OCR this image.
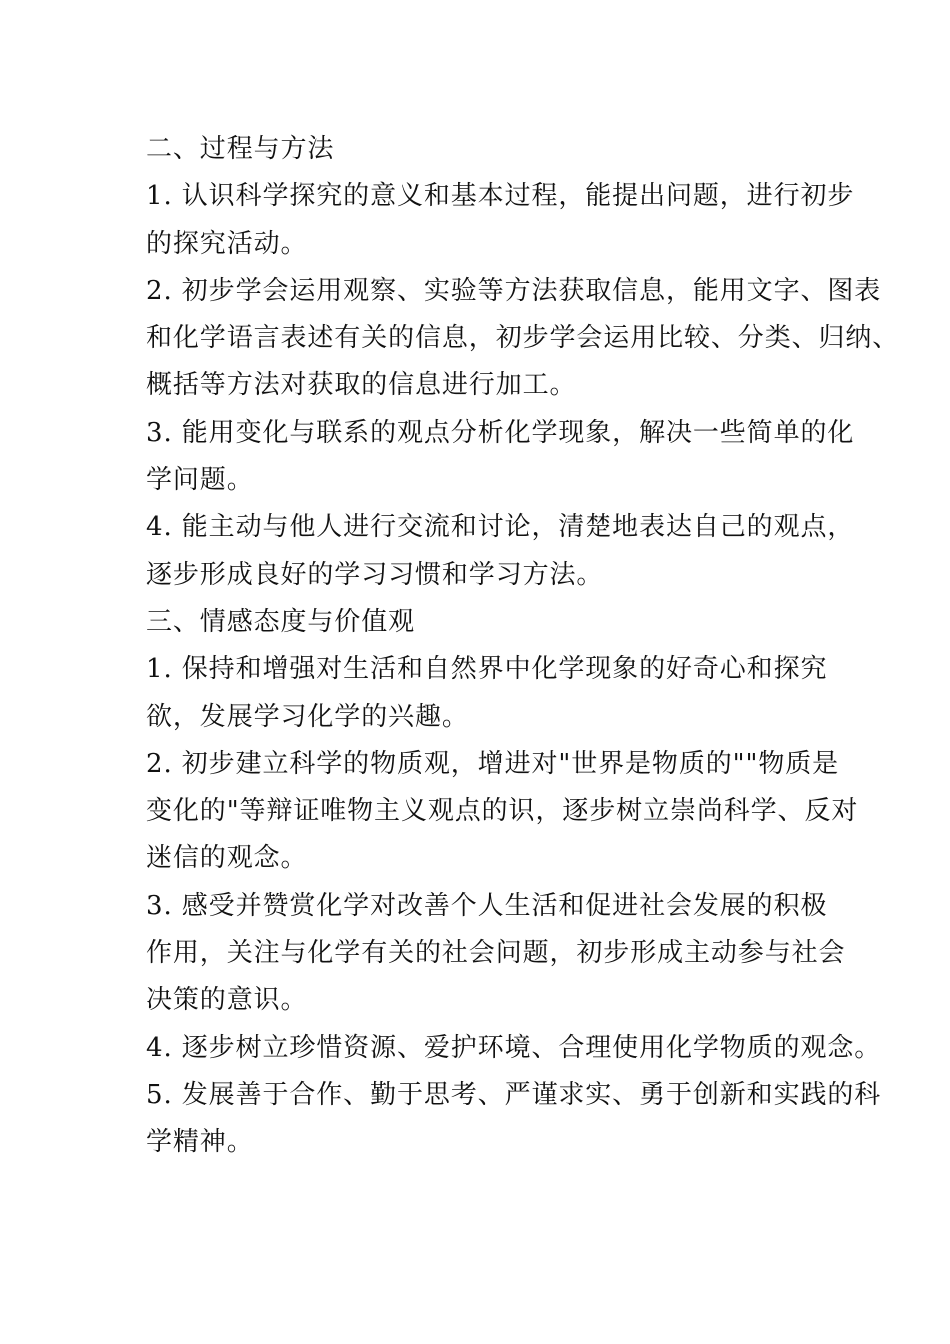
二、过程与方法
1. 认识科学探究的意义和基本过程，能提出问题，进行初步
的探究活动。
2. 初步学会运用观察、实验等方法获取信息，能用文字、图表
和化学语言表述有关的信息，初步学会运用比较、分类、归纳、
概括等方法对获取的信息进行加工。
3. 能用变化与联系的观点分析化学现象，解决一些简单的化
学问题。
4. 能主动与他人进行交流和讨论，清楚地表达自己的观点，
逐步形成良好的学习习惯和学习方法。
三、情感态度与价值观
1. 保持和增强对生活和自然界中化学现象的好奇心和探究
欲，发展学习化学的兴趣。
2. 初步建立科学的物质观，增进对"世界是物质的""物质是
变化的"等辩证唯物主义观点的识，逐步树立崇尚科学、反对
迷信的观念。
3. 感受并赞赏化学对改善个人生活和促进社会发展的积极
作用，关注与化学有关的社会问题，初步形成主动参与社会
决策的意识。
4. 逐步树立珍惜资源、爱护环境、合理使用化学物质的观念。
5. 发展善于合作、勤于思考、严谨求实、勇于创新和实践的科
学精神。
